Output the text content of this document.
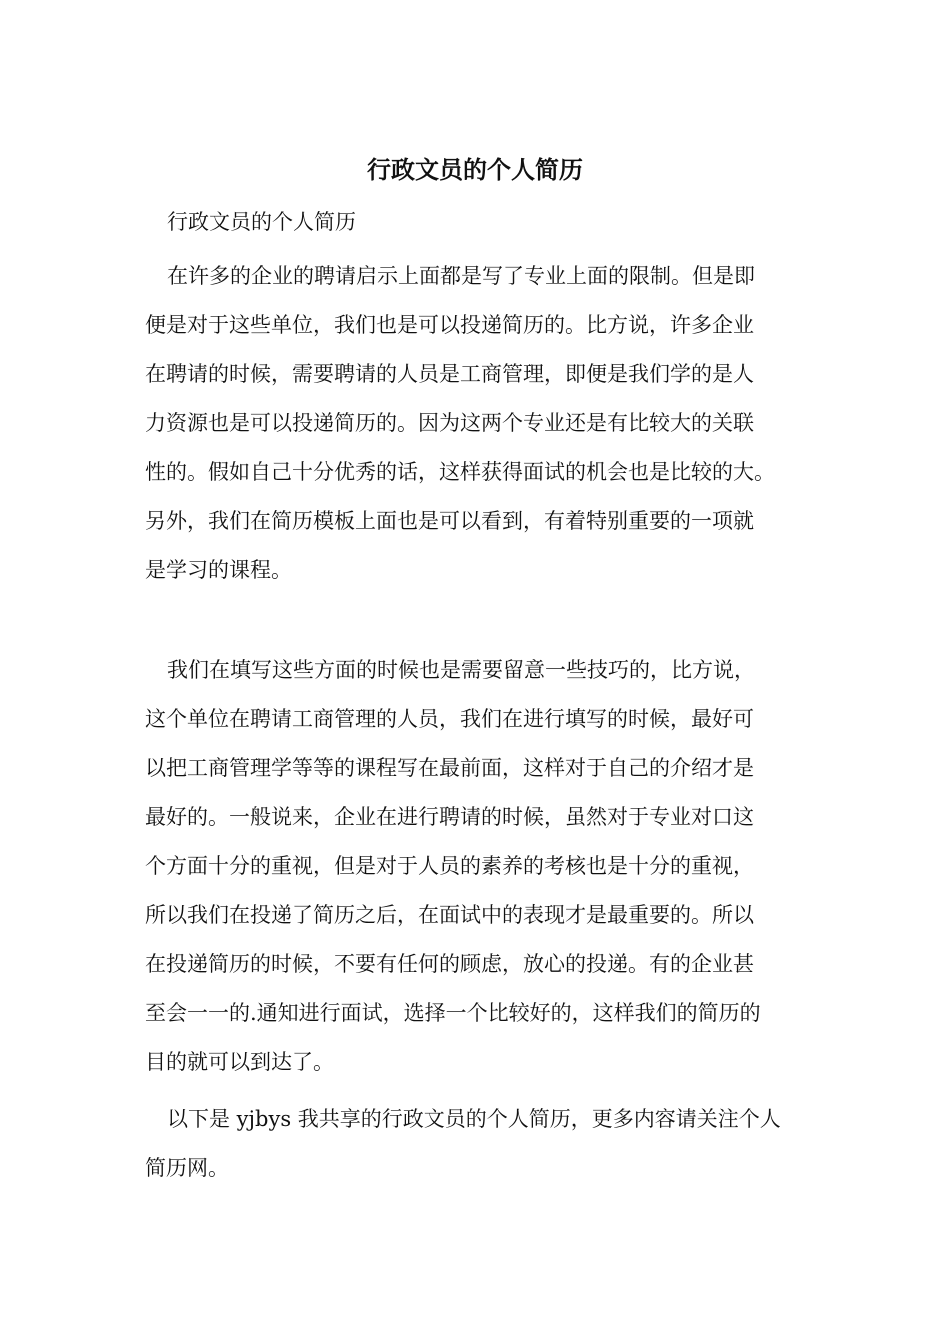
行政文员的个人简历
行政文员的个人简历
在许多的企业的聘请启示上面都是写了专业上面的限制。但是即
便是对于这些单位，我们也是可以投递简历的。比方说，许多企业
在聘请的时候，需要聘请的人员是工商管理，即便是我们学的是人
力资源也是可以投递简历的。因为这两个专业还是有比较大的关联
性的。假如自己十分优秀的话，这样获得面试的机会也是比较的大。
另外，我们在简历模板上面也是可以看到，有着特别重要的一项就
是学习的课程。
我们在填写这些方面的时候也是需要留意一些技巧的，比方说，
这个单位在聘请工商管理的人员，我们在进行填写的时候，最好可
以把工商管理学等等的课程写在最前面，这样对于自己的介绍才是
最好的。一般说来，企业在进行聘请的时候，虽然对于专业对口这
个方面十分的重视，但是对于人员的素养的考核也是十分的重视，
所以我们在投递了简历之后，在面试中的表现才是最重要的。所以
在投递简历的时候，不要有任何的顾虑，放心的投递。有的企业甚
至会一一的.通知进行面试，选择一个比较好的，这样我们的简历的
目的就可以到达了。
以下是 yjbys 我共享的行政文员的个人简历，更多内容请关注个人
简历网。
